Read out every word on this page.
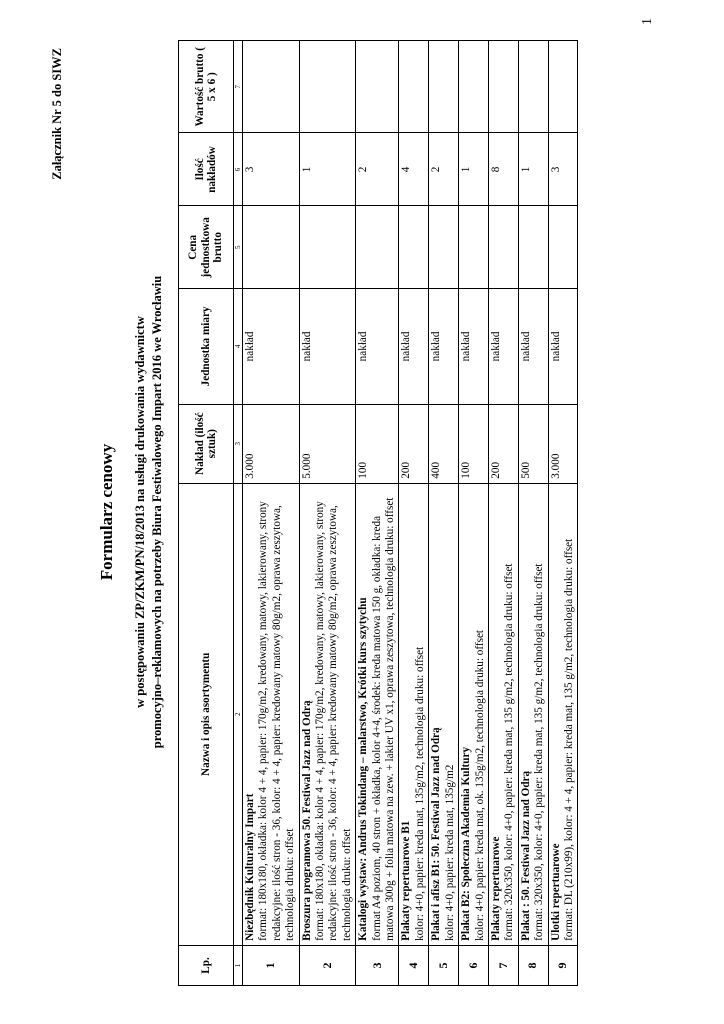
Załącznik Nr 5 do SIWZ
Formularz cenowy w postępowaniu ZP/ZKM/PN/18/2013 na usługi drukowania wydawnictw promocyjno–reklamowych na potrzeby Biura Festiwalowego Impart 2016 we Wrocławiu
Lp.	Nazwa i opis asortymentu	Nakład (ilość sztuk)	Jednostka miary	Cena jednostkowa brutto	Ilość nakładów	Wartość brutto ( 5 x 6 )
1	2	3	4	5	6	7
1	Niezbędnik Kulturalny Impart format: 180x180, okładka: kolor 4 + 4, papier: 170g/m2, kredowany, matowy, lakierowany, strony redakcyjne: ilość stron - 36, kolor: 4 + 4, papier: kredowany matowy 80g/m2, oprawa zeszytowa, technologia druku: offset	3.000	nakład		3	
2	Broszura programowa 50. Festiwal Jazz nad Odrą format: 180x180, okładka: kolor 4 + 4, papier: 170g/m2, kredowany, matowy, lakierowany, strony redakcyjne: ilość stron - 36, kolor: 4 + 4, papier: kredowany matowy 80g/m2, oprawa zeszytowa, technologia druku: offset	5.000	nakład		1	
3	Katalogi wystaw: Andrus Tokindang – malarstwo, Krótki kurs szytychu format A4 poziom, 40 stron + okładka, kolor 4+4, środek: kreda matowa 150 g, okładka: kreda matowa 300g + folia matowa na zew. + lakier UV x1, oprawa zeszytowa, technologia druku: offset	100	nakład		2	
4	Plakaty repertuarowe B1 kolor: 4+0, papier: kreda mat, 135g/m2, technologia druku: offset	200	nakład		4	
5	Plakat i afisz B1: 50. Festiwal Jazz nad Odrą kolor: 4+0, papier: kreda mat, 135g/m2	400	nakład		2	
6	Plakat B2: Społeczna Akademia Kultury kolor: 4+0, papier: kreda mat, ok. 135g/m2, technologia druku: offset	100	nakład		1	
7	Plakaty repertuarowe format: 320x350, kolor: 4+0, papier: kreda mat, 135 g/m2, technologia druku: offset	200	nakład		8	
8	Plakat : 50. Festiwal Jazz nad Odrą format: 320x350, kolor: 4+0, papier: kreda mat, 135 g/m2, technologia druku: offset	500	nakład		1	
9	Ulotki repertuarowe format: DL (210x99), kolor: 4 + 4, papier: kreda mat, 135 g/m2, technologia druku: offset	3.000	nakład		3	
1
